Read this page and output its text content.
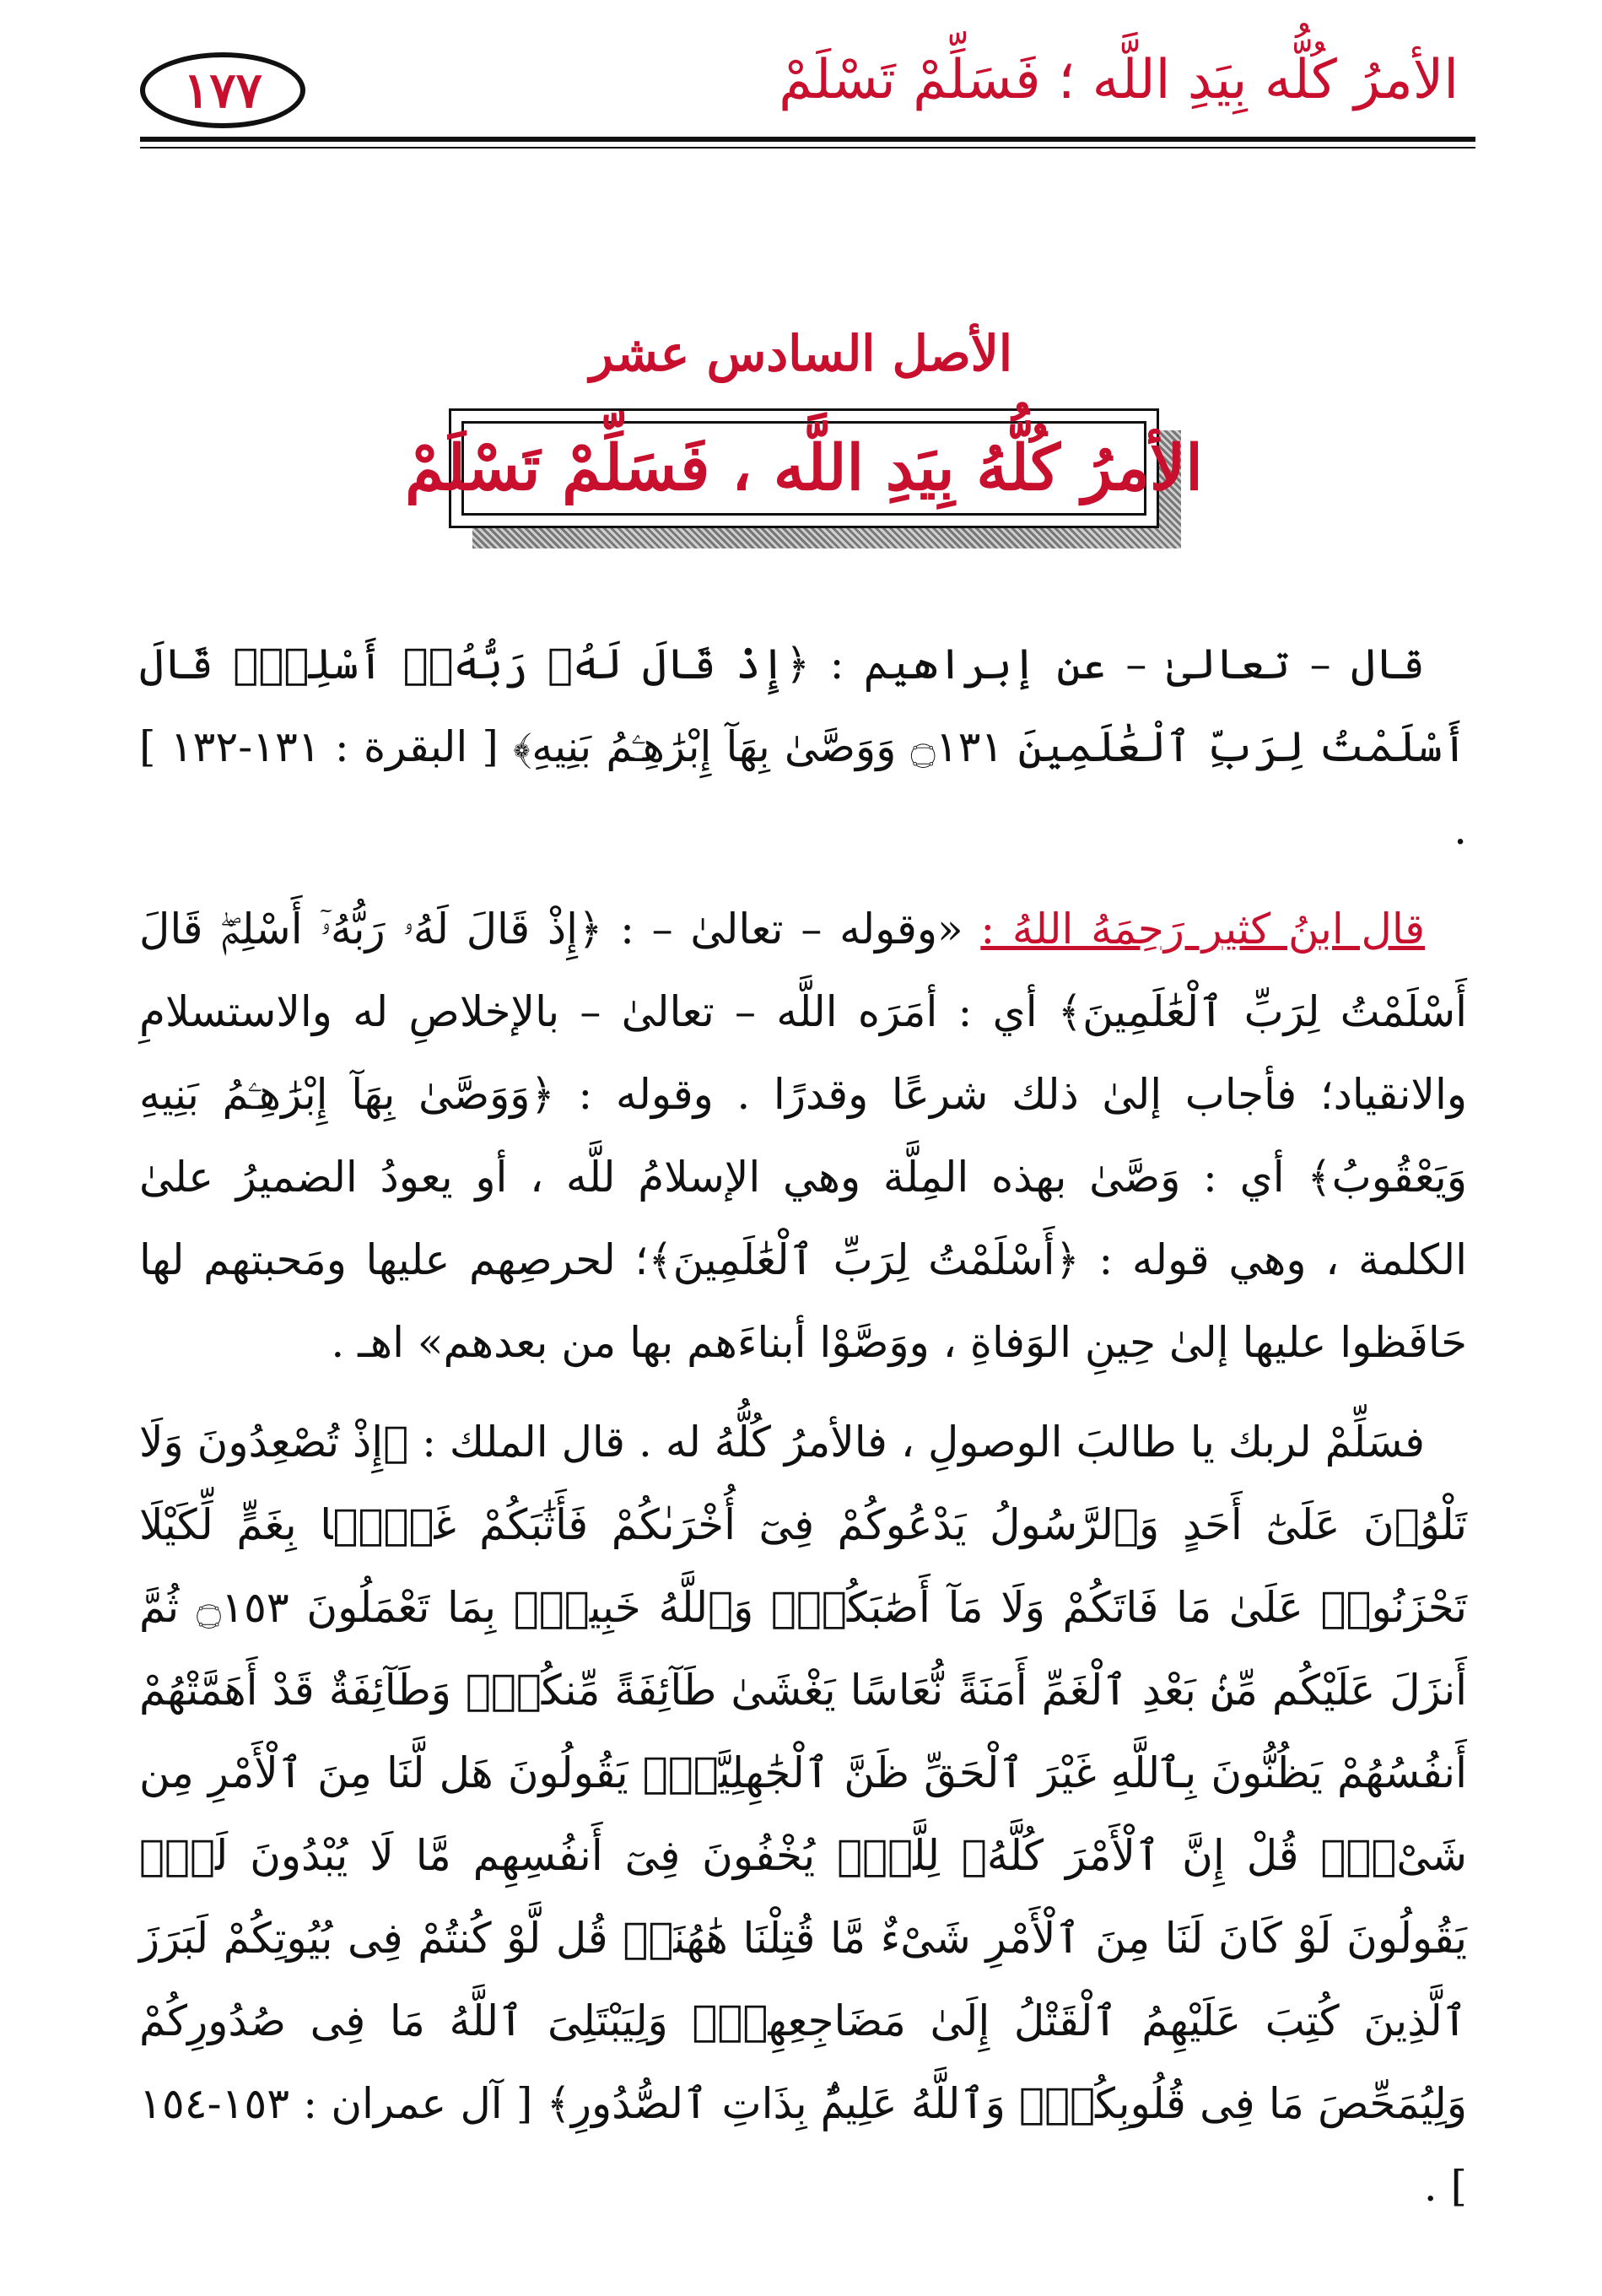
الأمرُ كُلُّه بِيَدِ اللَّه ؛ فَسَلِّمْ تَسْلَمْ
١٧٧
الأصل السادس عشر
الأمرُ كُلُّهُ بِيَدِ اللَّه ، فَسَلِّمْ تَسْلَمْ

قال – تعالىٰ – عن إبراهيم : ﴿إِذْ قَالَ لَهُۥ رَبُّهُۥٓ أَسْلِمْۖ قَالَ أَسْلَمْتُ لِرَبِّ ٱلْعَٰلَمِينَ ۝١٣١ وَوَصَّىٰ بِهَآ إِبْرَٰهِـۧمُ بَنِيهِ﴾ [ البقرة : ١٣١-١٣٢ ] .

قال ابنُ كثير رَحِمَهُ اللهُ : «وقوله – تعالىٰ – : ﴿إِذْ قَالَ لَهُۥ رَبُّهُۥٓ أَسْلِمْۖ قَالَ أَسْلَمْتُ لِرَبِّ ٱلْعَٰلَمِينَ﴾ أي : أمَرَه اللَّه – تعالىٰ – بالإخلاصِ له والاستسلامِ والانقياد؛ فأجاب إلىٰ ذلك شرعًا وقدرًا . وقوله : ﴿وَوَصَّىٰ بِهَآ إِبْرَٰهِـۧمُ بَنِيهِ وَيَعْقُوبُ﴾ أي : وَصَّىٰ بهذه المِلَّة وهي الإسلامُ للَّه ، أو يعودُ الضميرُ علىٰ الكلمة ، وهي قوله : ﴿أَسْلَمْتُ لِرَبِّ ٱلْعَٰلَمِينَ﴾؛ لحرصِهم عليها ومَحبتهم لها حَافَظوا عليها إلىٰ حِينِ الوَفاةِ ، ووَصَّوْا أبناءَهم بها من بعدهم» اهـ .

فسَلِّمْ لربك يا طالبَ الوصولِ ، فالأمرُ كُلُّهُ له . قال الملك : ﴿إِذْ تُصْعِدُونَ وَلَا تَلْوُۥنَ عَلَىٰٓ أَحَدٍ وَٱلرَّسُولُ يَدْعُوكُمْ فِىٓ أُخْرَىٰكُمْ فَأَثَٰبَكُمْ غَمًّۢا بِغَمٍّ لِّكَيْلَا تَحْزَنُوا۟ عَلَىٰ مَا فَاتَكُمْ وَلَا مَآ أَصَٰبَكُمْۗ وَٱللَّهُ خَبِيرٌۢ بِمَا تَعْمَلُونَ ۝١٥٣ ثُمَّ أَنزَلَ عَلَيْكُم مِّنۢ بَعْدِ ٱلْغَمِّ أَمَنَةً نُّعَاسًا يَغْشَىٰ طَآئِفَةً مِّنكُمْۖ وَطَآئِفَةٌ قَدْ أَهَمَّتْهُمْ أَنفُسُهُمْ يَظُنُّونَ بِٱللَّهِ غَيْرَ ٱلْحَقِّ ظَنَّ ٱلْجَٰهِلِيَّةِۖ يَقُولُونَ هَل لَّنَا مِنَ ٱلْأَمْرِ مِن شَىْءٍۗ قُلْ إِنَّ ٱلْأَمْرَ كُلَّهُۥ لِلَّهِۗ يُخْفُونَ فِىٓ أَنفُسِهِم مَّا لَا يُبْدُونَ لَكَۖ يَقُولُونَ لَوْ كَانَ لَنَا مِنَ ٱلْأَمْرِ شَىْءٌ مَّا قُتِلْنَا هَٰهُنَاۗ قُل لَّوْ كُنتُمْ فِى بُيُوتِكُمْ لَبَرَزَ ٱلَّذِينَ كُتِبَ عَلَيْهِمُ ٱلْقَتْلُ إِلَىٰ مَضَاجِعِهِمْۖ وَلِيَبْتَلِىَ ٱللَّهُ مَا فِى صُدُورِكُمْ وَلِيُمَحِّصَ مَا فِى قُلُوبِكُمْۗ وَٱللَّهُ عَلِيمٌۢ بِذَاتِ ٱلصُّدُورِ﴾ [ آل عمران : ١٥٣-١٥٤ ] .
